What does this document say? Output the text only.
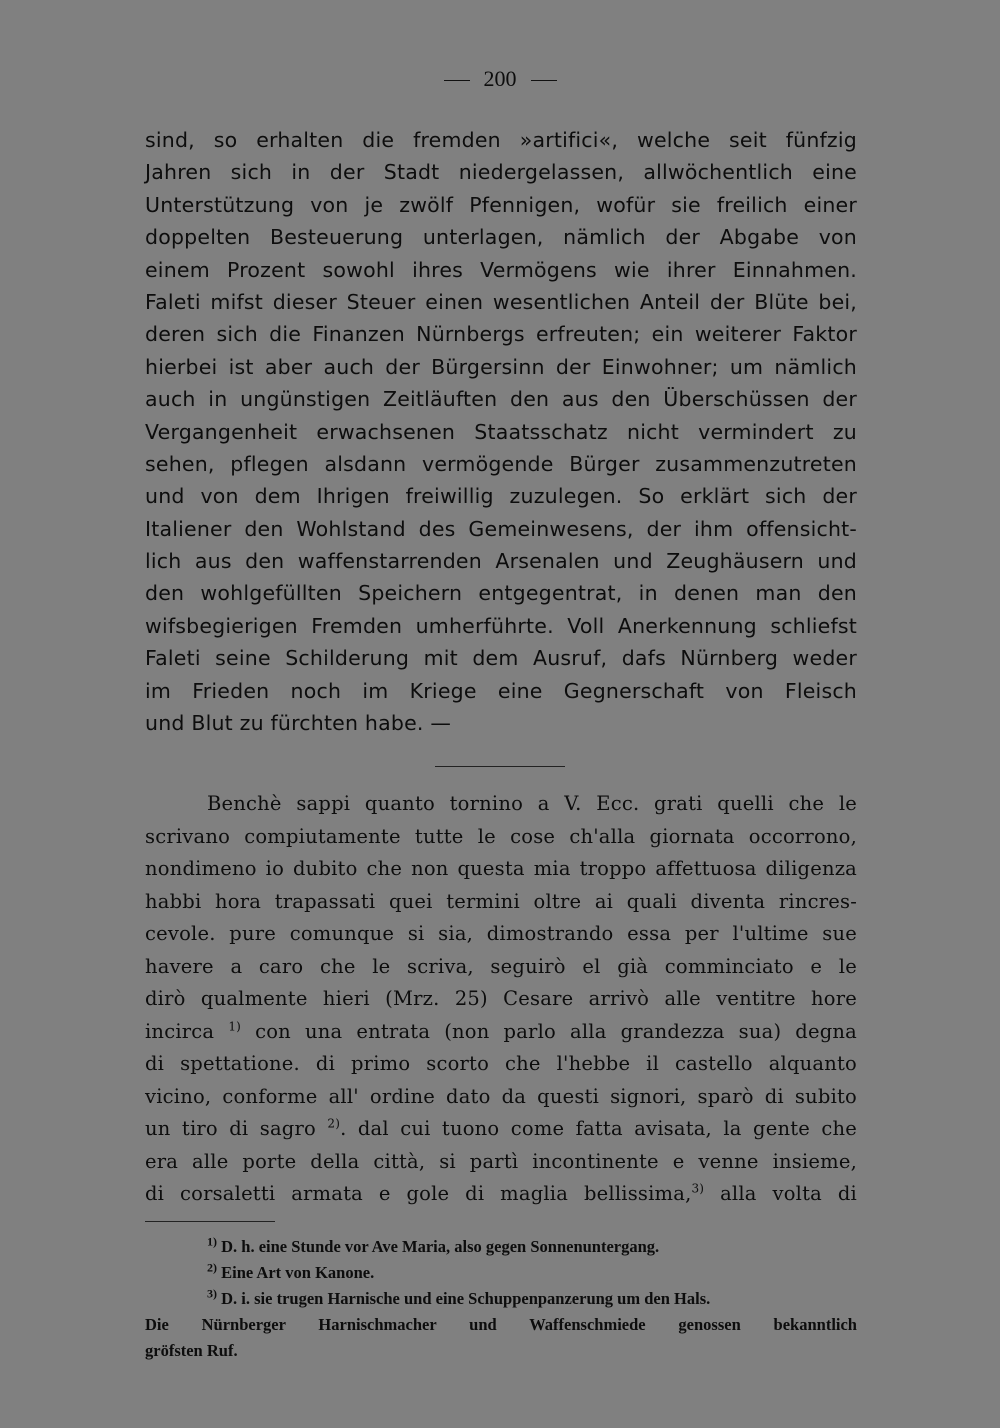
200
sind, so erhalten die fremden »artifici«, welche seit fünfzig
Jahren sich in der Stadt niedergelassen, allwöchentlich eine
Unterstützung von je zwölf Pfennigen, wofür sie freilich einer
doppelten Besteuerung unterlagen, nämlich der Abgabe von
einem Prozent sowohl ihres Vermögens wie ihrer Einnahmen.
Faleti mifst dieser Steuer einen wesentlichen Anteil der Blüte bei,
deren sich die Finanzen Nürnbergs erfreuten; ein weiterer Faktor
hierbei ist aber auch der Bürgersinn der Einwohner; um nämlich
auch in ungünstigen Zeitläuften den aus den Überschüssen der
Vergangenheit erwachsenen Staatsschatz nicht vermindert zu
sehen, pflegen alsdann vermögende Bürger zusammenzutreten
und von dem Ihrigen freiwillig zuzulegen. So erklärt sich der
Italiener den Wohlstand des Gemeinwesens, der ihm offensicht-
lich aus den waffenstarrenden Arsenalen und Zeughäusern und
den wohlgefüllten Speichern entgegentrat, in denen man den
wifsbegierigen Fremden umherführte. Voll Anerkennung schliefst
Faleti seine Schilderung mit dem Ausruf, dafs Nürnberg weder
im Frieden noch im Kriege eine Gegnerschaft von Fleisch
und Blut zu fürchten habe. —
Benchè sappi quanto tornino a V. Ecc. grati quelli che le
scrivano compiutamente tutte le cose ch'alla giornata occorrono,
nondimeno io dubito che non questa mia troppo affettuosa diligenza
habbi hora trapassati quei termini oltre ai quali diventa rincres-
cevole. pure comunque si sia, dimostrando essa per l'ultime sue
havere a caro che le scriva, seguirò el già comminciato e le
dirò qualmente hieri (Mrz. 25) Cesare arrivò alle ventitre hore
incirca $^{1)}$ con una entrata (non parlo alla grandezza sua) degna
di spettatione. di primo scorto che l'hebbe il castello alquanto
vicino, conforme all' ordine dato da questi signori, sparò di subito
un tiro di sagro $^{2)}$. dal cui tuono come fatta avisata, la gente che
era alle porte della città, si partì incontinente e venne insieme,
di corsaletti armata e gole di maglia bellissima,$^{3)}$ alla volta di
$^{1)}$ D. h. eine Stunde vor Ave Maria, also gegen Sonnenuntergang.
$^{2)}$ Eine Art von Kanone.
$^{3)}$ D. i. sie trugen Harnische und eine Schuppenpanzerung um den Hals.
Die Nürnberger Harnischmacher und Waffenschmiede genossen bekanntlich
gröfsten Ruf.
